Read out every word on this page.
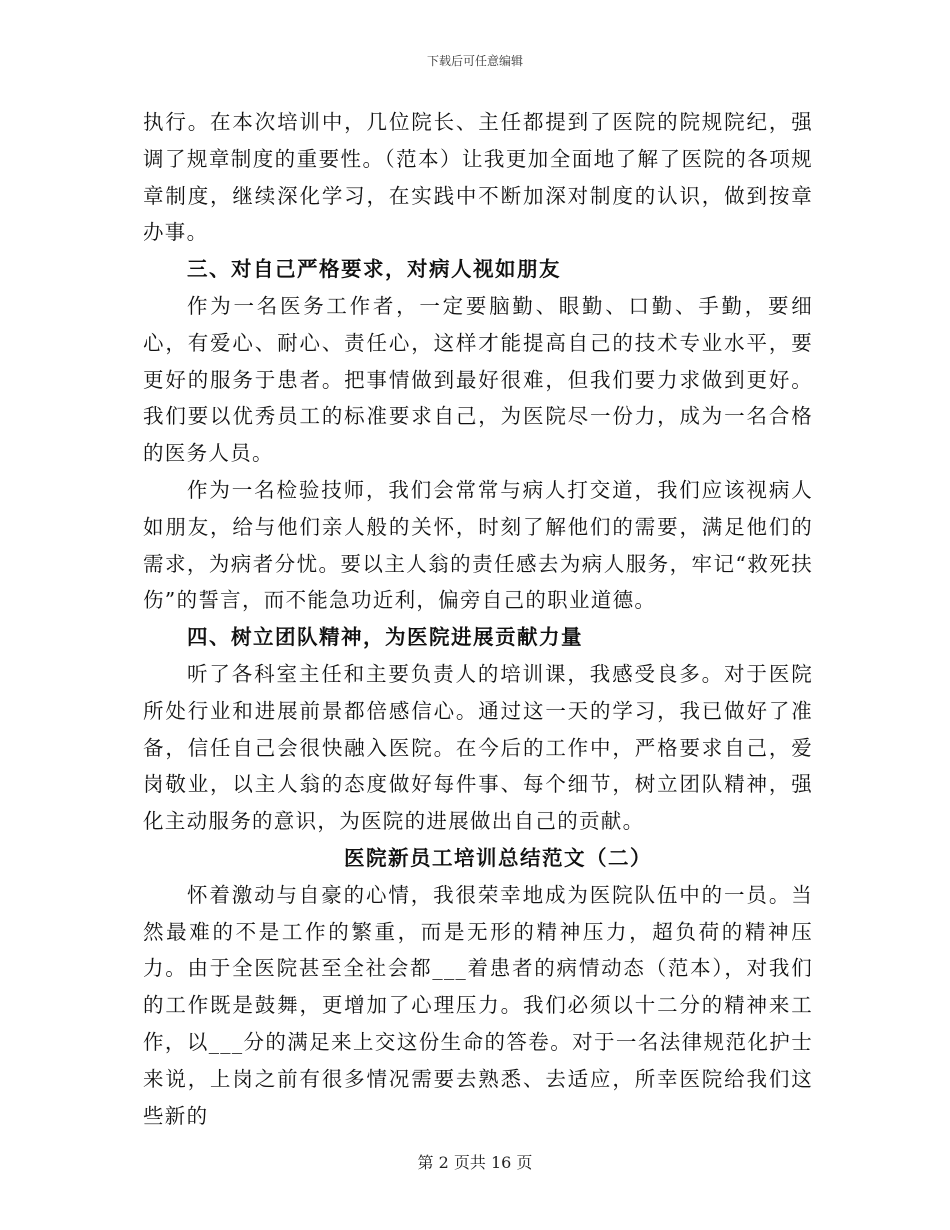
下载后可任意编辑

执行。在本次培训中，几位院长、主任都提到了医院的院规院纪，强调了规章制度的重要性。（范本）让我更加全面地了解了医院的各项规章制度，继续深化学习，在实践中不断加深对制度的认识，做到按章办事。

三、对自己严格要求，对病人视如朋友

作为一名医务工作者，一定要脑勤、眼勤、口勤、手勤，要细心，有爱心、耐心、责任心，这样才能提高自己的技术专业水平，要更好的服务于患者。把事情做到最好很难，但我们要力求做到更好。我们要以优秀员工的标准要求自己，为医院尽一份力，成为一名合格的医务人员。

作为一名检验技师，我们会常常与病人打交道，我们应该视病人如朋友，给与他们亲人般的关怀，时刻了解他们的需要，满足他们的需求，为病者分忧。要以主人翁的责任感去为病人服务，牢记“救死扶伤”的誓言，而不能急功近利，偏旁自己的职业道德。

四、树立团队精神，为医院进展贡献力量

听了各科室主任和主要负责人的培训课，我感受良多。对于医院所处行业和进展前景都倍感信心。通过这一天的学习，我已做好了准备，信任自己会很快融入医院。在今后的工作中，严格要求自己，爱岗敬业，以主人翁的态度做好每件事、每个细节，树立团队精神，强化主动服务的意识，为医院的进展做出自己的贡献。

医院新员工培训总结范文（二）

怀着激动与自豪的心情，我很荣幸地成为医院队伍中的一员。当然最难的不是工作的繁重，而是无形的精神压力，超负荷的精神压力。由于全医院甚至全社会都___着患者的病情动态（范本），对我们的工作既是鼓舞，更增加了心理压力。我们必须以十二分的精神来工作，以___分的满足来上交这份生命的答卷。对于一名法律规范化护士来说，上岗之前有很多情况需要去熟悉、去适应，所幸医院给我们这些新的

第 2 页共 16 页
